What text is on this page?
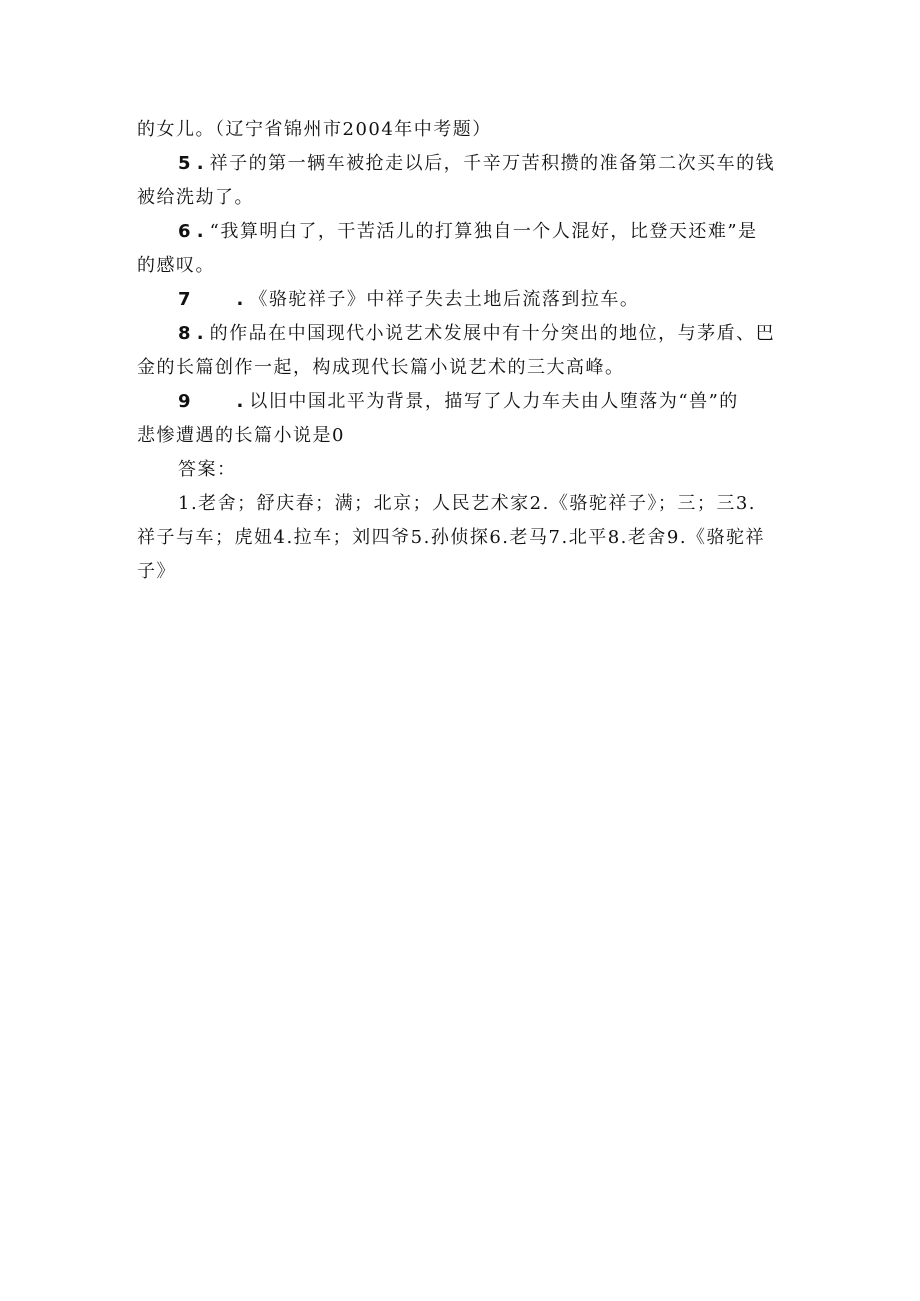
的女儿。（辽宁省锦州市2004年中考题）
5 . 祥子的第一辆车被抢走以后，千辛万苦积攒的准备第二次买车的钱
被给洗劫了。
6 . “我算明白了，干苦活儿的打算独自一个人混好，比登天还难”是
的感叹。
7	. 《骆驼祥子》中祥子失去土地后流落到拉车。
8 . 的作品在中国现代小说艺术发展中有十分突出的地位，与茅盾、巴
金的长篇创作一起，构成现代长篇小说艺术的三大高峰。
9	. 以旧中国北平为背景，描写了人力车夫由人堕落为“兽”的
悲惨遭遇的长篇小说是0
答案：
1.老舍；舒庆春；满；北京；人民艺术家2.《骆驼祥子》；三；三3.
祥子与车；虎妞4.拉车；刘四爷5.孙侦探6.老马7.北平8.老舍9.《骆驼祥
子》
